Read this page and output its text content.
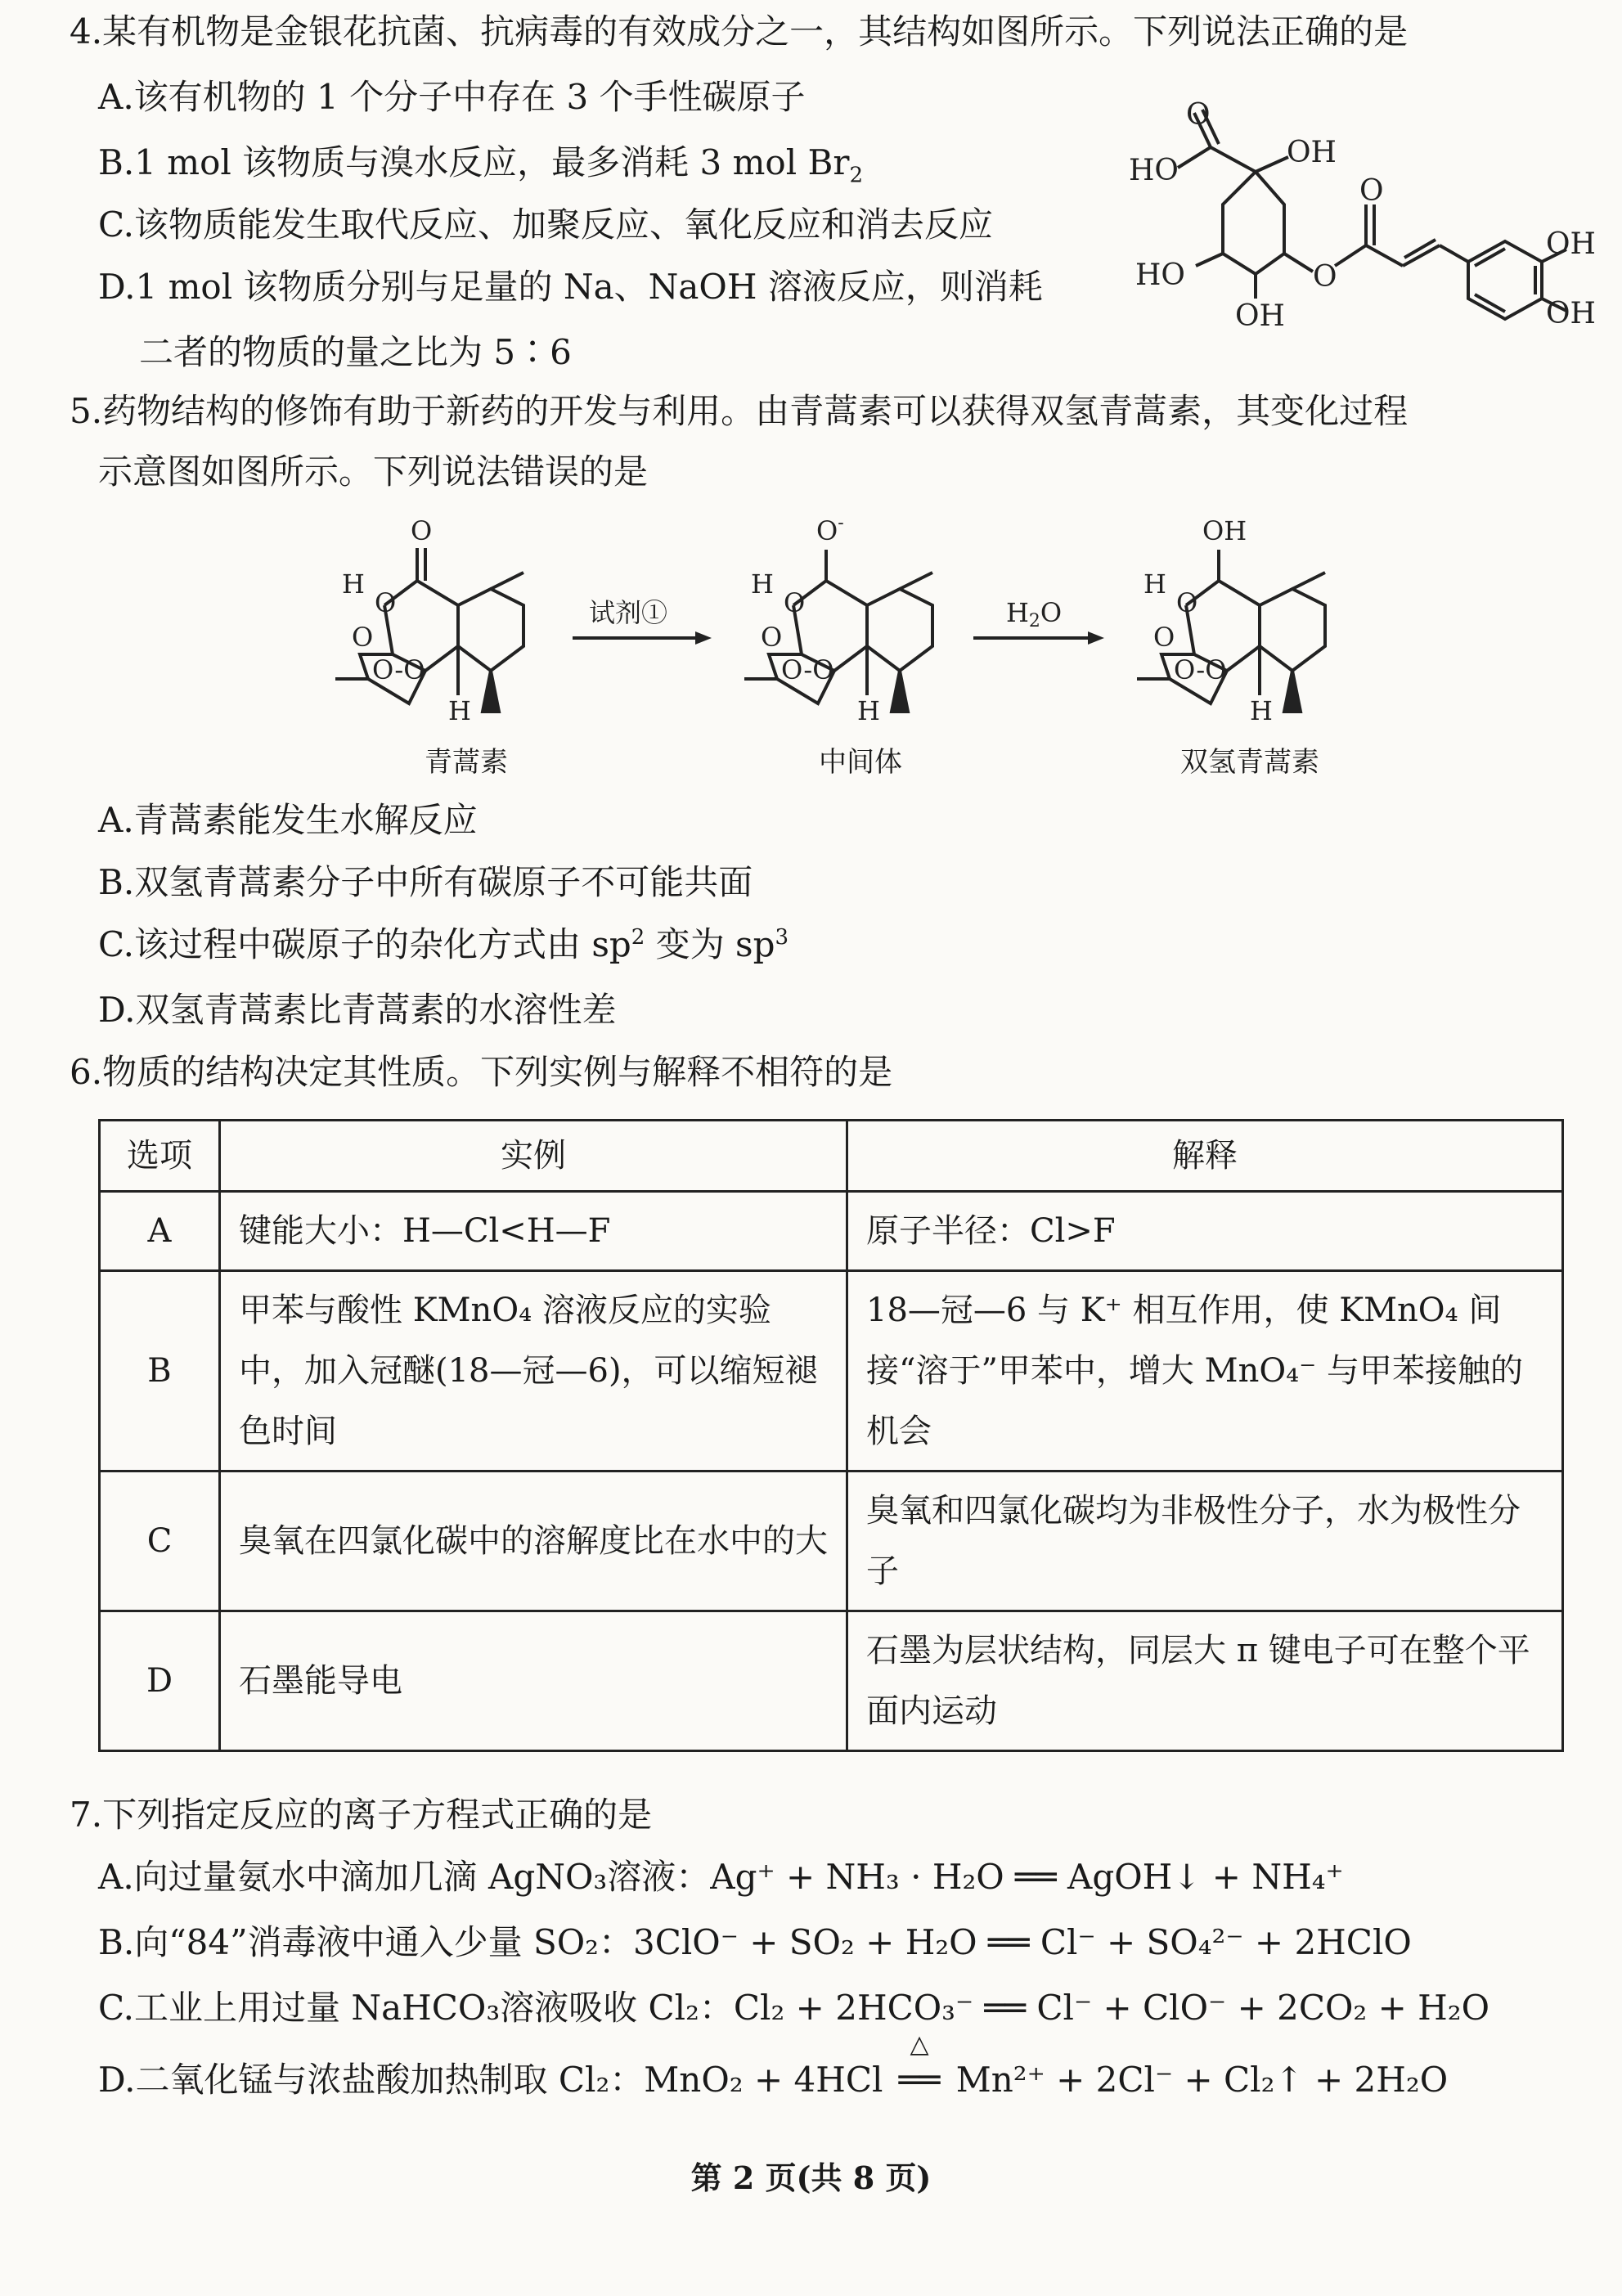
4.某有机物是金银花抗菌、抗病毒的有效成分之一，其结构如图所示。下列说法正确的是
A.该有机物的 1 个分子中存在 3 个手性碳原子
B.1 mol 该物质与溴水反应，最多消耗 3 mol $Br_2$
C.该物质能发生取代反应、加聚反应、氧化反应和消去反应
D.1 mol 该物质分别与足量的 Na、NaOH 溶液反应，则消耗
二者的物质的量之比为 5∶6
O
HO
OH
HO
OH
O
O
OH
OH
5.药物结构的修饰有助于新药的开发与利用。由青蒿素可以获得双氢青蒿素，其变化过程
示意图如图所示。下列说法错误的是
O
O
O
O-O
H
H
试剂①
O-
O
O
O-O
H
H
H2O
OH
O
O
O-O
H
H
青蒿素	中间体	双氢青蒿素
A.青蒿素能发生水解反应
B.双氢青蒿素分子中所有碳原子不可能共面
C.该过程中碳原子的杂化方式由 $sp^2$ 变为 $sp^3$
D.双氢青蒿素比青蒿素的水溶性差
6.物质的结构决定其性质。下列实例与解释不相符的是
选项	实例	解释
A	键能大小：H—Cl<H—F	原子半径：Cl>F
B	甲苯与酸性 KMnO₄ 溶液反应的实验中，加入冠醚(18—冠—6)，可以缩短褪色时间	18—冠—6 与 K⁺ 相互作用，使 KMnO₄ 间接“溶于”甲苯中，增大 MnO₄⁻ 与甲苯接触的机会
C	臭氧在四氯化碳中的溶解度比在水中的大	臭氧和四氯化碳均为非极性分子，水为极性分子
D	石墨能导电	石墨为层状结构，同层大 π 键电子可在整个平面内运动
7.下列指定反应的离子方程式正确的是
A.向过量氨水中滴加几滴 AgNO₃溶液：Ag⁺ + NH₃ · H₂O ══ AgOH↓ + NH₄⁺
B.向“84”消毒液中通入少量 SO₂：3ClO⁻ + SO₂ + H₂O ══ Cl⁻ + SO₄²⁻ + 2HClO
C.工业上用过量 NaHCO₃溶液吸收 Cl₂：Cl₂ + 2HCO₃⁻ ══ Cl⁻ + ClO⁻ + 2CO₂ + H₂O
D.二氧化锰与浓盐酸加热制取 Cl₂：MnO₂ + 4HCl
△
══ Mn²⁺ + 2Cl⁻ + Cl₂↑ + 2H₂O
第 2 页(共 8 页)
